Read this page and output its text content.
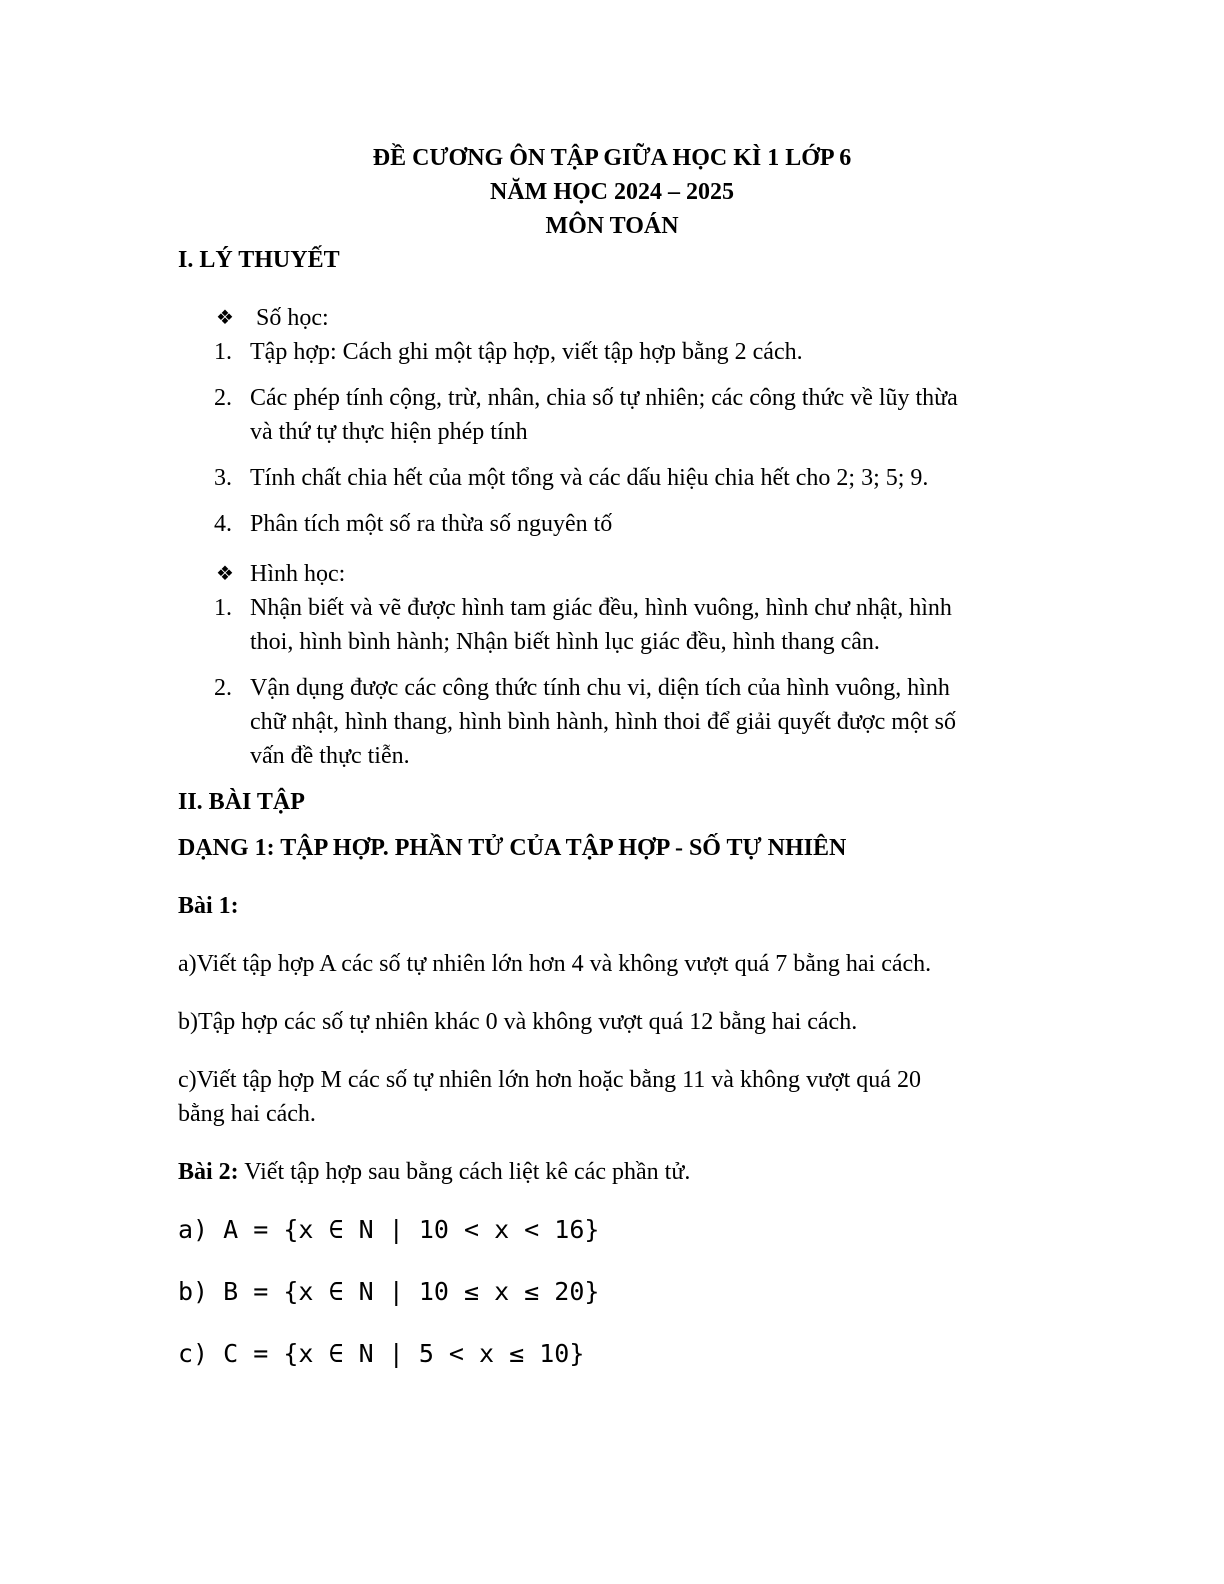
ĐỀ CƯƠNG ÔN TẬP GIỮA HỌC KÌ 1 LỚP 6
NĂM HỌC 2024 – 2025
MÔN TOÁN
I. LÝ THUYẾT
❖ Số học:
1. Tập hợp: Cách ghi một tập hợp, viết tập hợp bằng 2 cách.
2. Các phép tính cộng, trừ, nhân, chia số tự nhiên; các công thức về lũy thừa
và thứ tự thực hiện phép tính
3. Tính chất chia hết của một tổng và các dấu hiệu chia hết cho 2; 3; 5; 9.
4. Phân tích một số ra thừa số nguyên tố
❖ Hình học:
1. Nhận biết và vẽ được hình tam giác đều, hình vuông, hình chư nhật, hình
thoi, hình bình hành; Nhận biết hình lục giác đều, hình thang cân.
2. Vận dụng được các công thức tính chu vi, diện tích của hình vuông, hình
chữ nhật, hình thang, hình bình hành, hình thoi để giải quyết được một số
vấn đề thực tiễn.
II. BÀI TẬP
DẠNG 1: TẬP HỢP. PHẦN TỬ CỦA TẬP HỢP - SỐ TỰ NHIÊN
Bài 1:
a)Viết tập hợp A các số tự nhiên lớn hơn 4 và không vượt quá 7 bằng hai cách.
b)Tập hợp các số tự nhiên khác 0 và không vượt quá 12 bằng hai cách.
c)Viết tập hợp M các số tự nhiên lớn hơn hoặc bằng 11 và không vượt quá 20
bằng hai cách.
Bài 2: Viết tập hợp sau bằng cách liệt kê các phần tử.
a) A = {x ∈ N | 10 < x < 16}
b) B = {x ∈ N | 10 ≤ x ≤ 20}
c) C = {x ∈ N | 5 < x ≤ 10}
